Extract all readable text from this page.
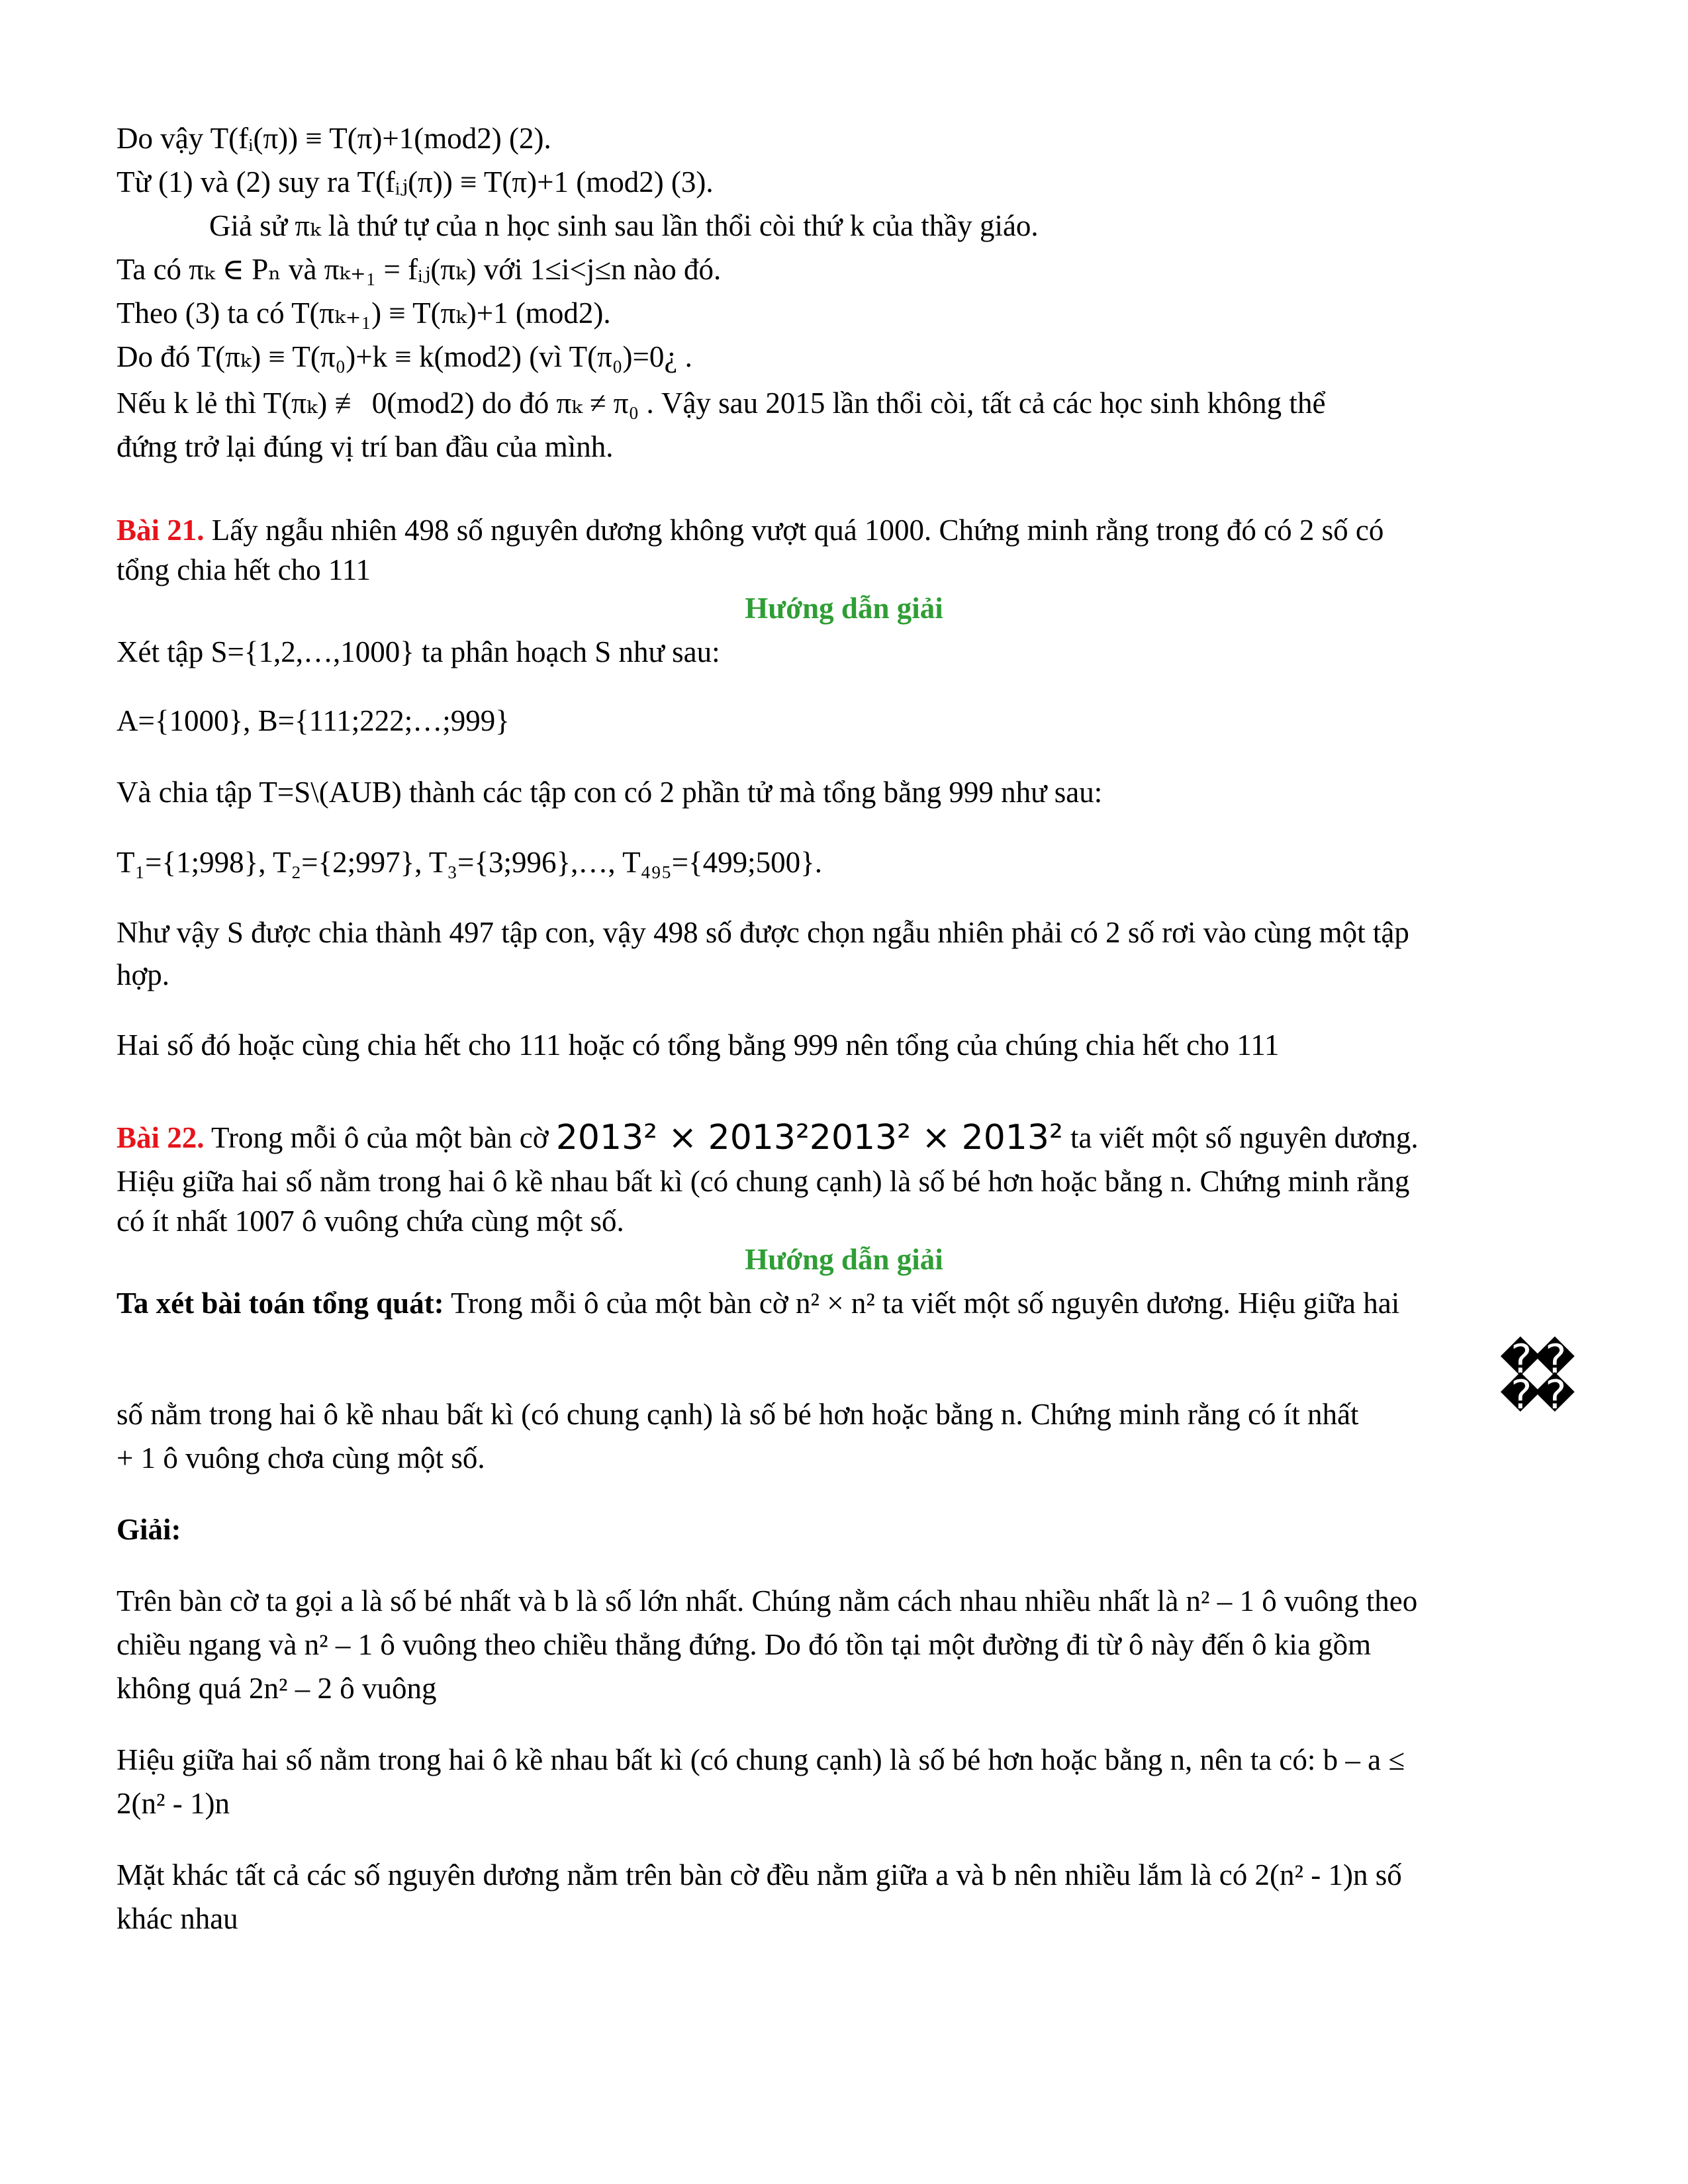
Do vậy T(fᵢ(π)) ≡ T(π)+1(mod2) (2).
Từ (1) và (2) suy ra T(fᵢⱼ(π)) ≡ T(π)+1 (mod2) (3).
Giả sử πₖ là thứ tự của n học sinh sau lần thổi còi thứ k của thầy giáo.
Ta có πₖ ∈ Pₙ và πₖ₊₁ = fᵢⱼ(πₖ) với 1≤i<j≤n nào đó.
Theo (3) ta có T(πₖ₊₁) ≡ T(πₖ)+1 (mod2).
Do đó T(πₖ) ≡ T(π₀)+k ≡ k(mod2) (vì T(π₀)=0¿ .
Nếu k lẻ thì T(πₖ) ≢ 0(mod2) do đó πₖ ≠ π₀ . Vậy sau 2015 lần thổi còi, tất cả các học sinh không thể
đứng trở lại đúng vị trí ban đầu của mình.
Bài 21. Lấy ngẫu nhiên 498 số nguyên dương không vượt quá 1000. Chứng minh rằng trong đó có 2 số có
tổng chia hết cho 111
Hướng dẫn giải
Xét tập S={1,2,…,1000} ta phân hoạch S như sau:
A={1000}, B={111;222;…;999}
Và chia tập T=S\(AUB) thành các tập con có 2 phần tử mà tổng bằng 999 như sau:
T₁={1;998}, T₂={2;997}, T₃={3;996},…, T₄₉₅={499;500}.
Như vậy S được chia thành 497 tập con, vậy 498 số được chọn ngẫu nhiên phải có 2 số rơi vào cùng một tập
hợp.
Hai số đó hoặc cùng chia hết cho 111 hoặc có tổng bằng 999 nên tổng của chúng chia hết cho 111
Bài 22. Trong mỗi ô của một bàn cờ 2013² × 2013²2013² × 2013² ta viết một số nguyên dương.
Hiệu giữa hai số nằm trong hai ô kề nhau bất kì (có chung cạnh) là số bé hơn hoặc bằng n. Chứng minh rằng
có ít nhất 1007 ô vuông chứa cùng một số.
Hướng dẫn giải
Ta xét bài toán tổng quát: Trong mỗi ô của một bàn cờ n² × n² ta viết một số nguyên dương. Hiệu giữa hai
�
�
�
�
số nằm trong hai ô kề nhau bất kì (có chung cạnh) là số bé hơn hoặc bằng n. Chứng minh rằng có ít nhất
+ 1 ô vuông chơa cùng một số.
Giải:
Trên bàn cờ ta gọi a là số bé nhất và b là số lớn nhất. Chúng nằm cách nhau nhiều nhất là n² – 1 ô vuông theo
chiều ngang và n² – 1 ô vuông theo chiều thẳng đứng. Do đó tồn tại một đường đi từ ô này đến ô kia gồm
không quá 2n² – 2 ô vuông
Hiệu giữa hai số nằm trong hai ô kề nhau bất kì (có chung cạnh) là số bé hơn hoặc bằng n, nên ta có: b – a ≤
2(n² - 1)n
Mặt khác tất cả các số nguyên dương nằm trên bàn cờ đều nằm giữa a và b nên nhiều lắm là có 2(n² - 1)n số
khác nhau
